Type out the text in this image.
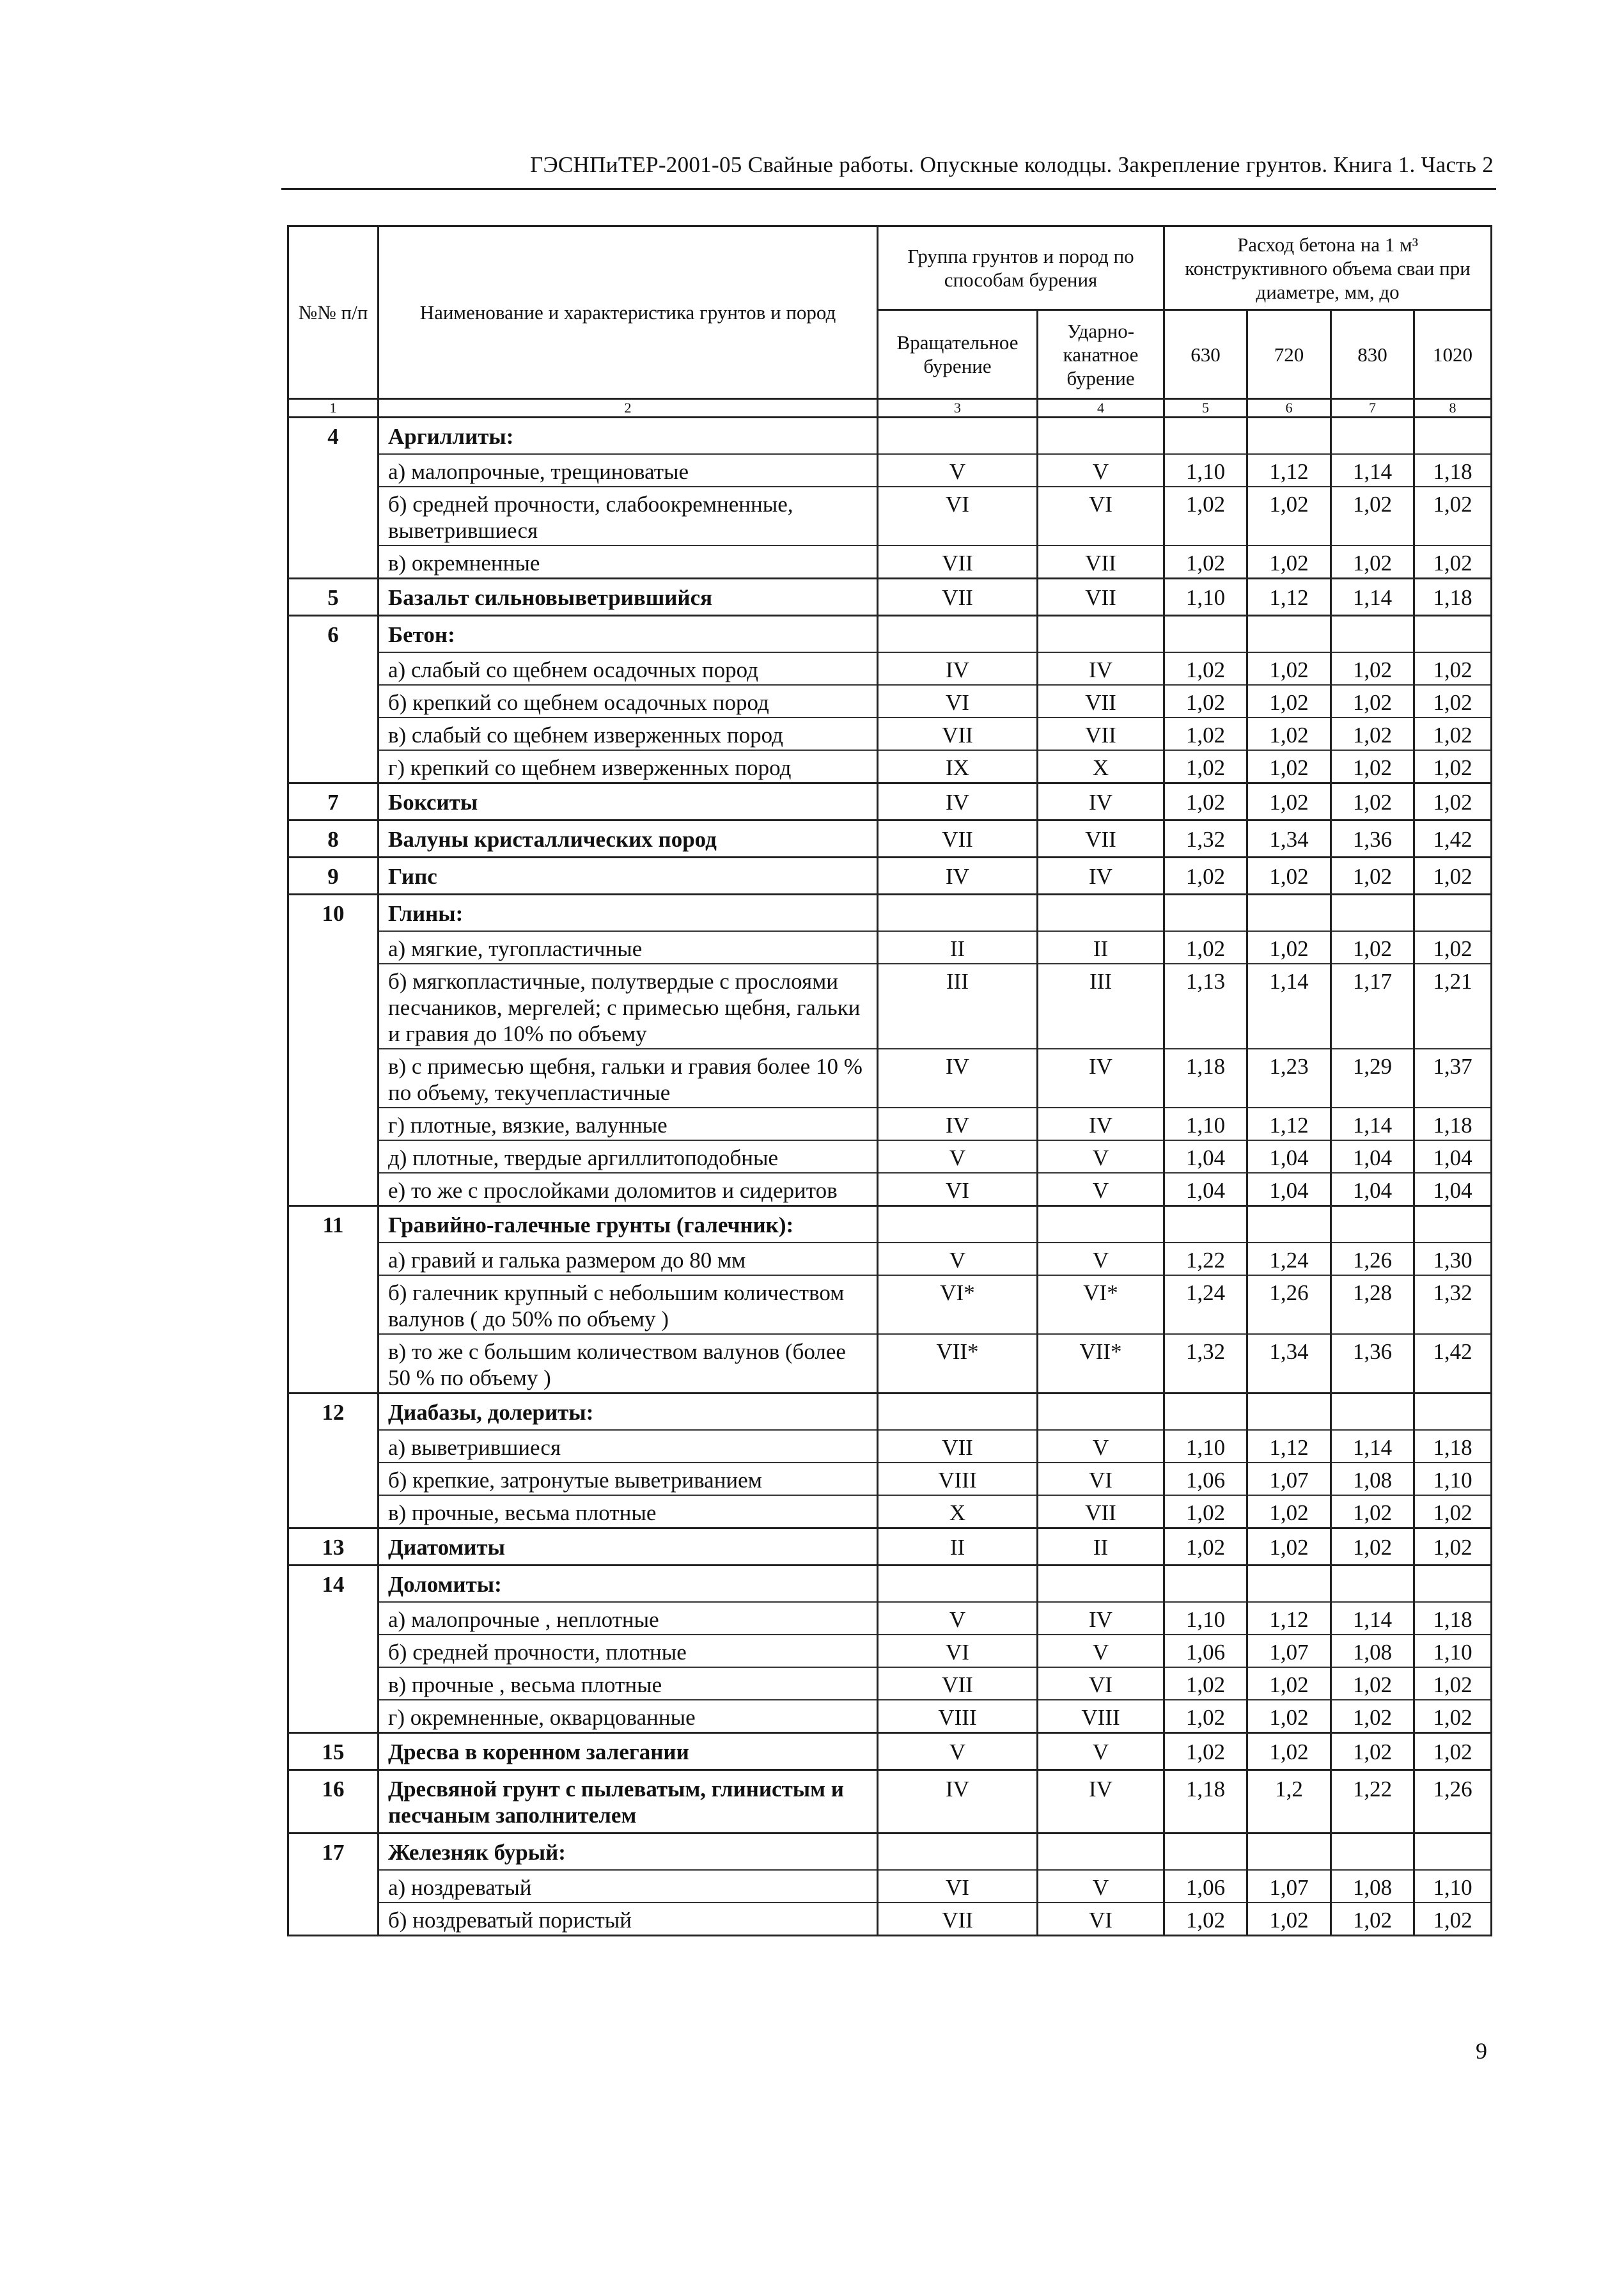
ГЭСНПиТЕР-2001-05 Свайные работы. Опускные колодцы. Закрепление грунтов. Книга 1. Часть 2
№№ п/п	Наименование и характеристика грунтов и пород	Группа грунтов и пород по способам бурения		Расход бетона на 1 м³ конструктивного объема сваи при диаметре, мм, до			
		Вращательное бурение	Ударно-канатное бурение	630	720	830	1020
1	2	3	4	5	6	7	8
4	Аргиллиты:						
	а) малопрочные, трещиноватые	V	V	1,10	1,12	1,14	1,18
	б) средней прочности, слабоокремненные, выветрившиеся	VI	VI	1,02	1,02	1,02	1,02
	в) окремненные	VII	VII	1,02	1,02	1,02	1,02
5	Базальт сильновыветрившийся	VII	VII	1,10	1,12	1,14	1,18
6	Бетон:						
	а) слабый со щебнем осадочных пород	IV	IV	1,02	1,02	1,02	1,02
	б) крепкий со щебнем осадочных пород	VI	VII	1,02	1,02	1,02	1,02
	в) слабый со щебнем изверженных пород	VII	VII	1,02	1,02	1,02	1,02
	г) крепкий со щебнем изверженных пород	IX	X	1,02	1,02	1,02	1,02
7	Бокситы	IV	IV	1,02	1,02	1,02	1,02
8	Валуны кристаллических пород	VII	VII	1,32	1,34	1,36	1,42
9	Гипс	IV	IV	1,02	1,02	1,02	1,02
10	Глины:						
	а) мягкие, тугопластичные	II	II	1,02	1,02	1,02	1,02
	б) мягкопластичные, полутвердые с прослоями песчаников, мергелей; с примесью щебня, гальки и гравия до 10% по объему	III	III	1,13	1,14	1,17	1,21
	в) с примесью щебня, гальки и гравия более 10 % по объему, текучепластичные	IV	IV	1,18	1,23	1,29	1,37
	г) плотные, вязкие, валунные	IV	IV	1,10	1,12	1,14	1,18
	д) плотные, твердые аргиллитоподобные	V	V	1,04	1,04	1,04	1,04
	е) то же с прослойками доломитов и сидеритов	VI	V	1,04	1,04	1,04	1,04
11	Гравийно-галечные грунты (галечник):						
	а) гравий и галька размером до 80 мм	V	V	1,22	1,24	1,26	1,30
	б) галечник крупный с небольшим количеством валунов ( до 50% по объему )	VI*	VI*	1,24	1,26	1,28	1,32
	в) то же с большим количеством валунов (более 50 % по объему )	VII*	VII*	1,32	1,34	1,36	1,42
12	Диабазы, долериты:						
	а) выветрившиеся	VII	V	1,10	1,12	1,14	1,18
	б) крепкие, затронутые выветриванием	VIII	VI	1,06	1,07	1,08	1,10
	в) прочные, весьма плотные	X	VII	1,02	1,02	1,02	1,02
13	Диатомиты	II	II	1,02	1,02	1,02	1,02
14	Доломиты:						
	а) малопрочные , неплотные	V	IV	1,10	1,12	1,14	1,18
	б) средней прочности, плотные	VI	V	1,06	1,07	1,08	1,10
	в) прочные , весьма плотные	VII	VI	1,02	1,02	1,02	1,02
	г) окремненные, окварцованные	VIII	VIII	1,02	1,02	1,02	1,02
15	Дресва в коренном залегании	V	V	1,02	1,02	1,02	1,02
16	Дресвяной грунт с пылеватым, глинистым и песчаным заполнителем	IV	IV	1,18	1,2	1,22	1,26
17	Железняк бурый:						
	а) ноздреватый	VI	V	1,06	1,07	1,08	1,10
	б) ноздреватый пористый	VII	VI	1,02	1,02	1,02	1,02
9
